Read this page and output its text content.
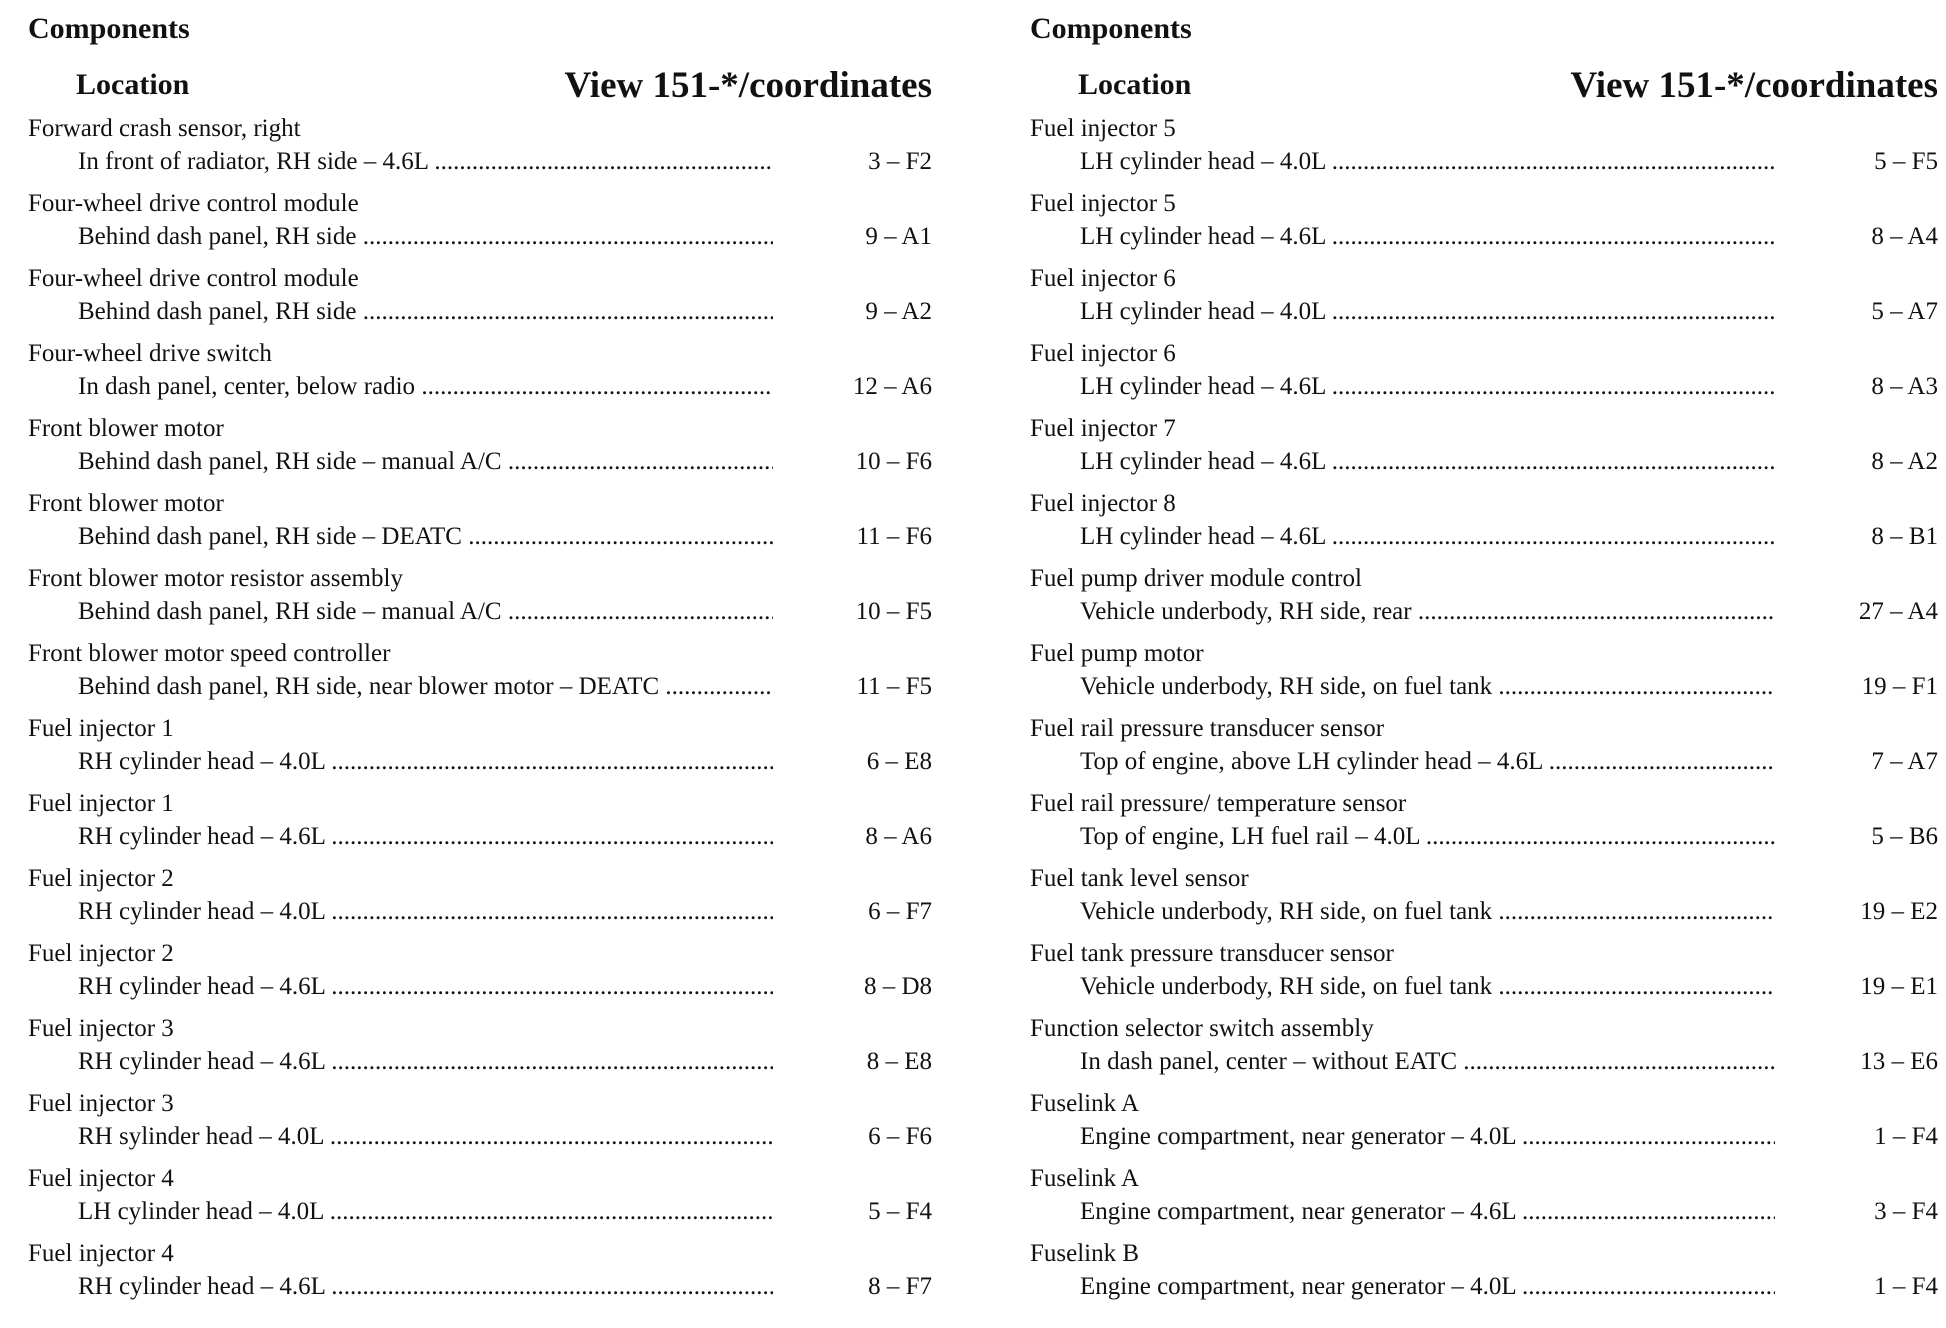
Components
Location	View 151-*/coordinates
Forward crash sensor, right
In front of radiator, RH side – 4.6L .....	3 – F2
Four-wheel drive control module
Behind dash panel, RH side .....	9 – A1
Four-wheel drive control module
Behind dash panel, RH side .....	9 – A2
Four-wheel drive switch
In dash panel, center, below radio .....	12 – A6
Front blower motor
Behind dash panel, RH side – manual A/C .....	10 – F6
Front blower motor
Behind dash panel, RH side – DEATC .....	11 – F6
Front blower motor resistor assembly
Behind dash panel, RH side – manual A/C .....	10 – F5
Front blower motor speed controller
Behind dash panel, RH side, near blower motor – DEATC .....	11 – F5
Fuel injector 1
RH cylinder head – 4.0L .....	6 – E8
Fuel injector 1
RH cylinder head – 4.6L .....	8 – A6
Fuel injector 2
RH cylinder head – 4.0L .....	6 – F7
Fuel injector 2
RH cylinder head – 4.6L .....	8 – D8
Fuel injector 3
RH cylinder head – 4.6L .....	8 – E8
Fuel injector 3
RH sylinder head – 4.0L .....	6 – F6
Fuel injector 4
LH cylinder head – 4.0L .....	5 – F4
Fuel injector 4
RH cylinder head – 4.6L .....	8 – F7
Components
Location	View 151-*/coordinates
Fuel injector 5
LH cylinder head – 4.0L .....	5 – F5
Fuel injector 5
LH cylinder head – 4.6L .....	8 – A4
Fuel injector 6
LH cylinder head – 4.0L .....	5 – A7
Fuel injector 6
LH cylinder head – 4.6L .....	8 – A3
Fuel injector 7
LH cylinder head – 4.6L .....	8 – A2
Fuel injector 8
LH cylinder head – 4.6L .....	8 – B1
Fuel pump driver module control
Vehicle underbody, RH side, rear .....	27 – A4
Fuel pump motor
Vehicle underbody, RH side, on fuel tank .....	19 – F1
Fuel rail pressure transducer sensor
Top of engine, above LH cylinder head – 4.6L .....	7 – A7
Fuel rail pressure/ temperature sensor
Top of engine, LH fuel rail – 4.0L .....	5 – B6
Fuel tank level sensor
Vehicle underbody, RH side, on fuel tank .....	19 – E2
Fuel tank pressure transducer sensor
Vehicle underbody, RH side, on fuel tank .....	19 – E1
Function selector switch assembly
In dash panel, center – without EATC .....	13 – E6
Fuselink A
Engine compartment, near generator – 4.0L .....	1 – F4
Fuselink A
Engine compartment, near generator – 4.6L .....	3 – F4
Fuselink B
Engine compartment, near generator – 4.0L .....	1 – F4
